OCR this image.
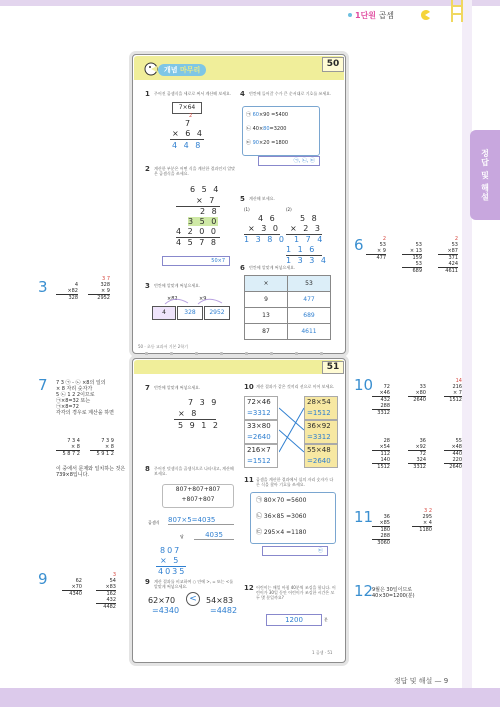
1단원 곱셈
정답 및 해설
개념 마무리
50
1 주어진 곱셈식을 세로로 써서 계산해 보세요.
7×64
2
7
× 6 4
4 4 8
2 계산한 부분은 어떤 식을 계산한 결과인지 알맞은 곱셈식을 쓰세요.
6 5 4
× 7
2 8
3 5 0
4 2 0 0
4 5 7 8
50×7
3 빈칸에 알맞게 써넣으세요.
×82	×9
4	328	2952
4 빈칸에 들어갈 수가 큰 순서대로 기호를 쓰세요.
㉠ 60×90 =5400
㉡ 40×80=3200
㉢ 90×20 =1800
㉠, ㉡, ㉢
5 계산해 보세요.
(1)	(2)
4 6
× 3 0
1 3 8 0
5 8
× 2 3
1 7 4
1 1 6
1 3 3 4
6 빈칸에 알맞게 써넣으세요.
×	53
9	477
13	689
87	4611
50 · 초등 교과서 기본 2학기
51
7 빈칸에 알맞게 써넣으세요.
7 3 9
× 8
5 9 1 2
8 주어진 덧셈식을 곱셈식으로 나타내고, 계산해 보세요.
807+807+807
+807+807
곱셈식 807×5=4035
답	4035
807
× 5
4035
9 계산 결과를 비교하여 ○ 안에 >, = 또는 <를 알맞게 써넣으세요.
62×70	<	54×83
=4340	=4482
10 계산 결과가 같은 것끼리 선으로 이어 보세요.
72×46
=3312
33×80
=2640
216×7
=1512
28×54
=1512
36×92
=3312
55×48
=2640
11 곱셈을 계산한 결과에서 십의 자리 숫자가 다른 식을 찾아 기호를 쓰세요.
㉠ 80×70 =5600
㉡ 36×85 =3060
㉢ 295×4 =1180
㉢
12 어린이는 매일 아침 40분씩 조깅을 합니다. 어린이가 30일 동안 어린이가 조깅한 시간은 모두 몇 분일까요?
1200	분
1 곱셈 · 51
3	4
×82
328
3 7
328
× 9
2952
7 7 3 ㉠ - ㉡ ×8의 일의
× 8 자리 숫자가
5 ㉡ 1 2 2이므로
㉠×8=32 또는
㉠×8=72
각각의 경우로 계산을 하면
7 3 4
× 8
5 8 7 2
7 3 9
× 8
5 9 1 2
이 중에서 문제와 일치하는 것은 739×8입니다.
9	62
×70
4340
3
54
×83
162
432
4482
6	2
53
× 9
477
53
× 13
159
53
689
2
53
×87
371
424
4611
10	72
×46
432
288
3312
33
×80
2640
14
216
× 7
1512
28
×54
112
140
1512
36
×92
72
324
3312
55
×48
440
220
2640
11	36
×85
180
288
3060
3 2
295
× 4
1180
12
9월은 30일이므로
40×30=1200(분)
정답 및 해설 — 9
